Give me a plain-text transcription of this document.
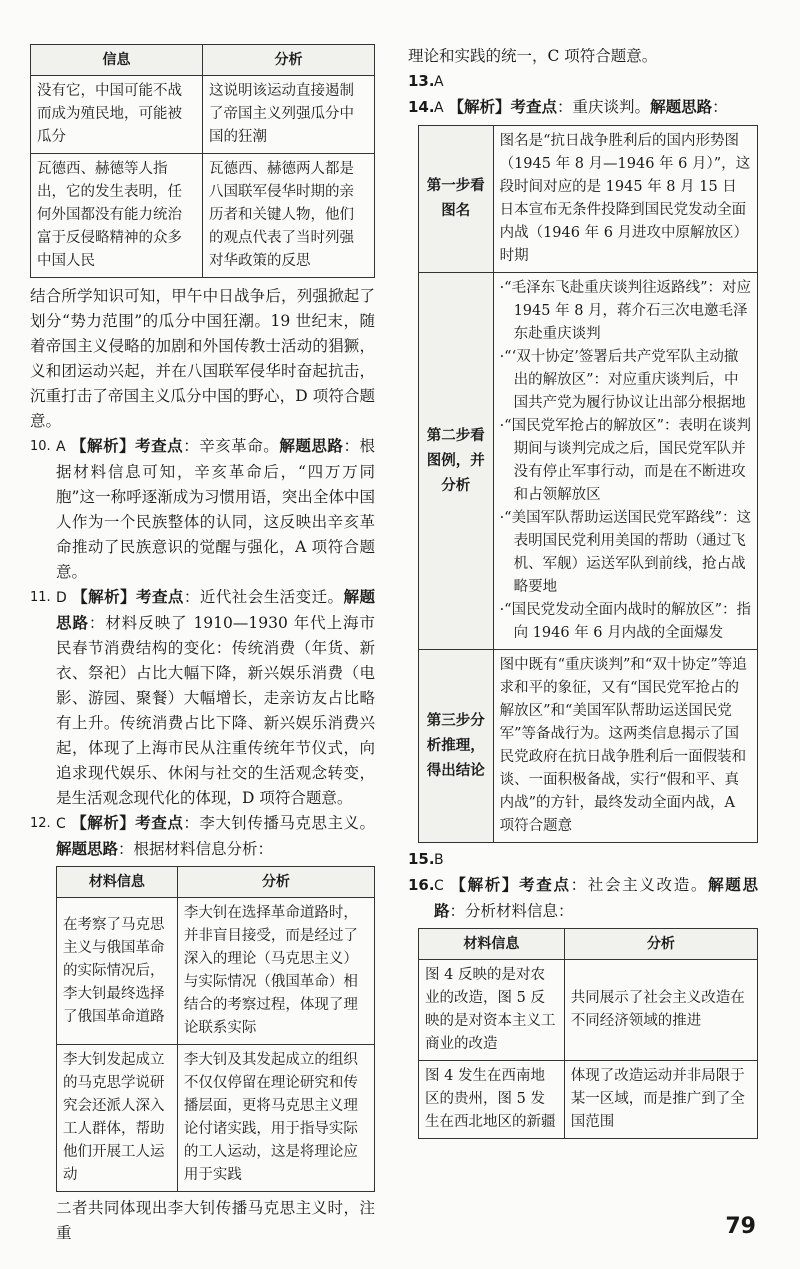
信息	分析
没有它，中国可能不战而成为殖民地，可能被瓜分	这说明该运动直接遏制了帝国主义列强瓜分中国的狂潮
瓦德西、赫德等人指出，它的发生表明，任何外国都没有能力统治富于反侵略精神的众多中国人民	瓦德西、赫德两人都是八国联军侵华时期的亲历者和关键人物，他们的观点代表了当时列强对华政策的反思

结合所学知识可知，甲午中日战争后，列强掀起了划分“势力范围”的瓜分中国狂潮。19 世纪末，随着帝国主义侵略的加剧和外国传教士活动的猖獗，义和团运动兴起，并在八国联军侵华时奋起抗击，沉重打击了帝国主义瓜分中国的野心，D 项符合题意。

10. A 【解析】考查点：辛亥革命。解题思路：根据材料信息可知，辛亥革命后，“四万万同胞”这一称呼逐渐成为习惯用语，突出全体中国人作为一个民族整体的认同，这反映出辛亥革命推动了民族意识的觉醒与强化，A 项符合题意。

11. D 【解析】考查点：近代社会生活变迁。解题思路：材料反映了 1910—1930 年代上海市民春节消费结构的变化：传统消费（年货、新衣、祭祀）占比大幅下降，新兴娱乐消费（电影、游园、聚餐）大幅增长，走亲访友占比略有上升。传统消费占比下降、新兴娱乐消费兴起，体现了上海市民从注重传统年节仪式，向追求现代娱乐、休闲与社交的生活观念转变，是生活观念现代化的体现，D 项符合题意。

12. C 【解析】考查点：李大钊传播马克思主义。解题思路：根据材料信息分析：

材料信息	分析
在考察了马克思主义与俄国革命的实际情况后，李大钊最终选择了俄国革命道路	李大钊在选择革命道路时，并非盲目接受，而是经过了深入的理论（马克思主义）与实际情况（俄国革命）相结合的考察过程，体现了理论联系实际
李大钊发起成立的马克思学说研究会还派人深入工人群体，帮助他们开展工人运动	李大钊及其发起成立的组织不仅仅停留在理论研究和传播层面，更将马克思主义理论付诸实践，用于指导实际的工人运动，这是将理论应用于实践

二者共同体现出李大钊传播马克思主义时，注重

理论和实践的统一，C 项符合题意。

13. A

14. A 【解析】考查点：重庆谈判。解题思路：

第一步看图名	图名是“抗日战争胜利后的国内形势图（1945 年 8 月—1946 年 6 月）”，这段时间对应的是 1945 年 8 月 15 日日本宣布无条件投降到国民党发动全面内战（1946 年 6 月进攻中原解放区）时期
第二步看图例，并分析	·“毛泽东飞赴重庆谈判往返路线”：对应 1945 年 8 月，蒋介石三次电邀毛泽东赴重庆谈判
·“‘双十协定’签署后共产党军队主动撤出的解放区”：对应重庆谈判后，中国共产党为履行协议让出部分根据地
·“国民党军抢占的解放区”：表明在谈判期间与谈判完成之后，国民党军队并没有停止军事行动，而是在不断进攻和占领解放区
·“美国军队帮助运送国民党军路线”：这表明国民党利用美国的帮助（通过飞机、军舰）运送军队到前线，抢占战略要地
·“国民党发动全面内战时的解放区”：指向 1946 年 6 月内战的全面爆发

第三步分析推理，得出结论	图中既有“重庆谈判”和“双十协定”等追求和平的象征，又有“国民党军抢占的解放区”和“美国军队帮助运送国民党军”等备战行为。这两类信息揭示了国民党政府在抗日战争胜利后一面假装和谈、一面积极备战，实行“假和平、真内战”的方针，最终发动全面内战，A 项符合题意

15. B

16. C 【解析】考查点：社会主义改造。解题思路：分析材料信息：

材料信息	分析
图 4 反映的是对农业的改造，图 5 反映的是对资本主义工商业的改造	共同展示了社会主义改造在不同经济领域的推进
图 4 发生在西南地区的贵州，图 5 发生在西北地区的新疆	体现了改造运动并非局限于某一区域，而是推广到了全国范围
79
